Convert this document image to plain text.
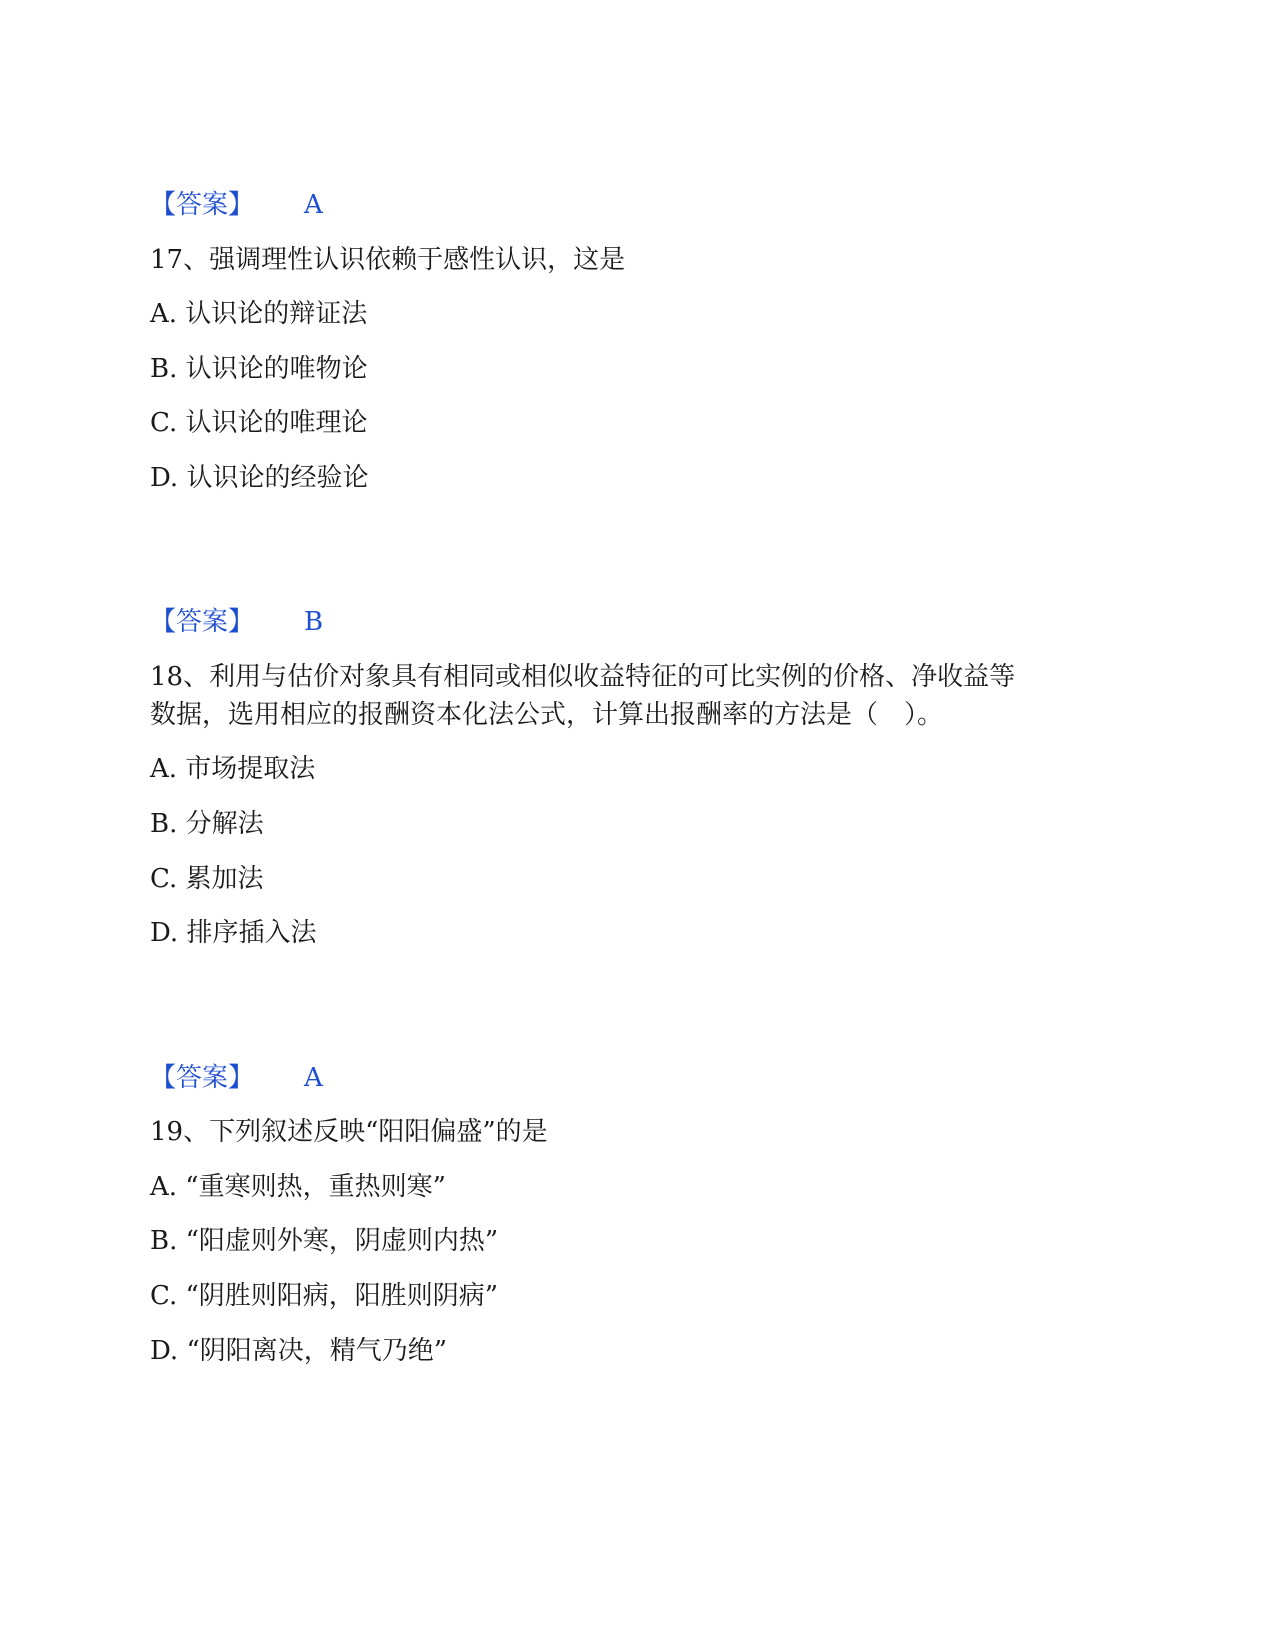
【答案】 A
17、强调理性认识依赖于感性认识，这是
A. 认识论的辩证法
B. 认识论的唯物论
C. 认识论的唯理论
D. 认识论的经验论
【答案】 B
18、利用与估价对象具有相同或相似收益特征的可比实例的价格、净收益等
数据，选用相应的报酬资本化法公式，计算出报酬率的方法是（　）。
A. 市场提取法
B. 分解法
C. 累加法
D. 排序插入法
【答案】 A
19、下列叙述反映“阳阳偏盛”的是
A. “重寒则热，重热则寒”
B. “阳虚则外寒，阴虚则内热”
C. “阴胜则阳病，阳胜则阴病”
D. “阴阳离决，精气乃绝”
